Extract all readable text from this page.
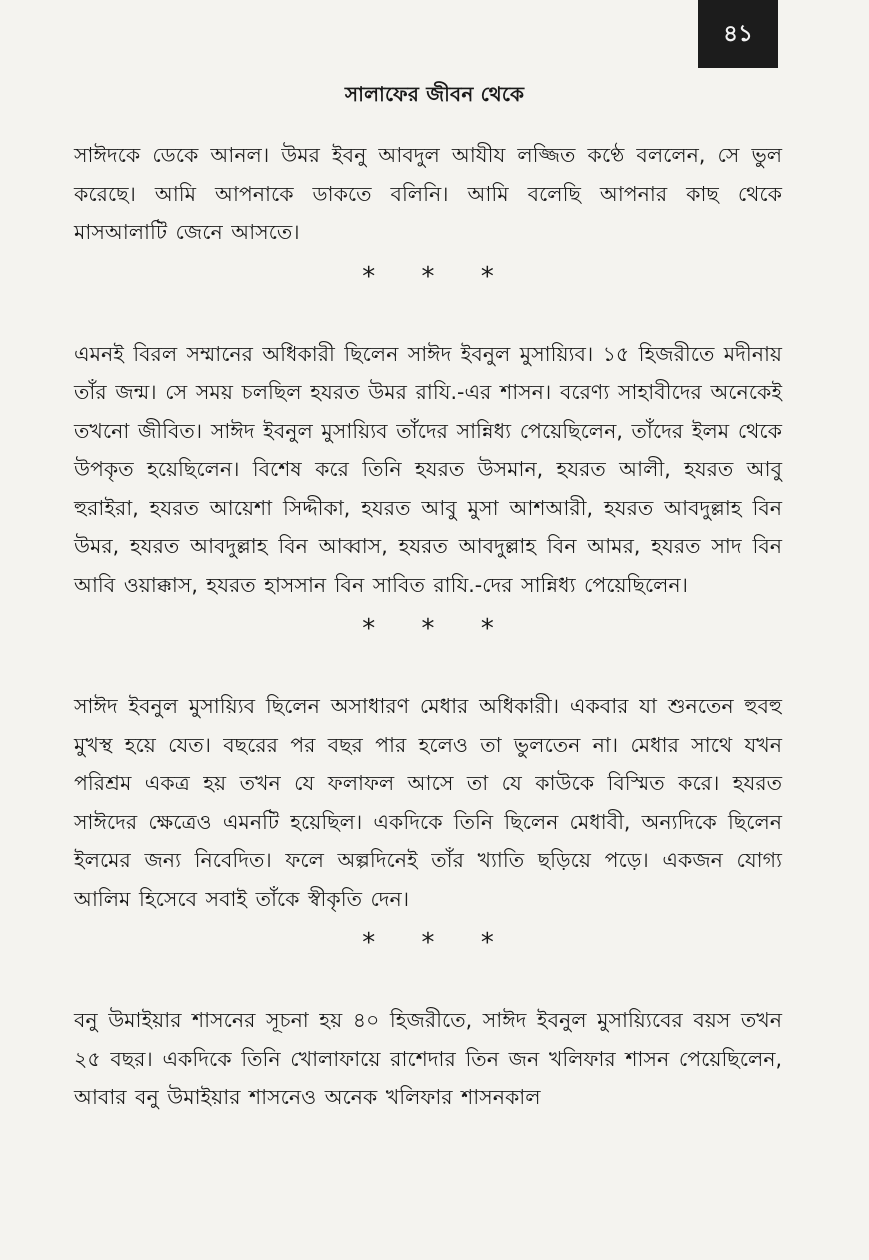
৪১
সালাফের জীবন থেকে

সাঈদকে ডেকে আনল। উমর ইবনু আবদুল আযীয লজ্জিত কণ্ঠে বললেন, সে ভুল করেছে। আমি আপনাকে ডাকতে বলিনি। আমি বলেছি আপনার কাছ থেকে মাসআলাটি জেনে আসতে।

* * *

এমনই বিরল সম্মানের অধিকারী ছিলেন সাঈদ ইবনুল মুসায়্যিব। ১৫ হিজরীতে মদীনায় তাঁর জন্ম। সে সময় চলছিল হযরত উমর রাযি.-এর শাসন। বরেণ্য সাহাবীদের অনেকেই তখনো জীবিত। সাঈদ ইবনুল মুসায়্যিব তাঁদের সান্নিধ্য পেয়েছিলেন, তাঁদের ইলম থেকে উপকৃত হয়েছিলেন। বিশেষ করে তিনি হযরত উসমান, হযরত আলী, হযরত আবু হুরাইরা, হযরত আয়েশা সিদ্দীকা, হযরত আবু মুসা আশআরী, হযরত আবদুল্লাহ বিন উমর, হযরত আবদুল্লাহ বিন আব্বাস, হযরত আবদুল্লাহ বিন আমর, হযরত সাদ বিন আবি ওয়াক্কাস, হযরত হাসসান বিন সাবিত রাযি.-দের সান্নিধ্য পেয়েছিলেন।

* * *

সাঈদ ইবনুল মুসায়্যিব ছিলেন অসাধারণ মেধার অধিকারী। একবার যা শুনতেন হুবহু মুখস্থ হয়ে যেত। বছরের পর বছর পার হলেও তা ভুলতেন না। মেধার সাথে যখন পরিশ্রম একত্র হয় তখন যে ফলাফল আসে তা যে কাউকে বিস্মিত করে। হযরত সাঈদের ক্ষেত্রেও এমনটি হয়েছিল। একদিকে তিনি ছিলেন মেধাবী, অন্যদিকে ছিলেন ইলমের জন্য নিবেদিত। ফলে অল্পদিনেই তাঁর খ্যাতি ছড়িয়ে পড়ে। একজন যোগ্য আলিম হিসেবে সবাই তাঁকে স্বীকৃতি দেন।

* * *

বনু উমাইয়ার শাসনের সূচনা হয় ৪০ হিজরীতে, সাঈদ ইবনুল মুসায়্যিবের বয়স তখন ২৫ বছর। একদিকে তিনি খোলাফায়ে রাশেদার তিন জন খলিফার শাসন পেয়েছিলেন, আবার বনু উমাইয়ার শাসনেও অনেক খলিফার শাসনকাল
